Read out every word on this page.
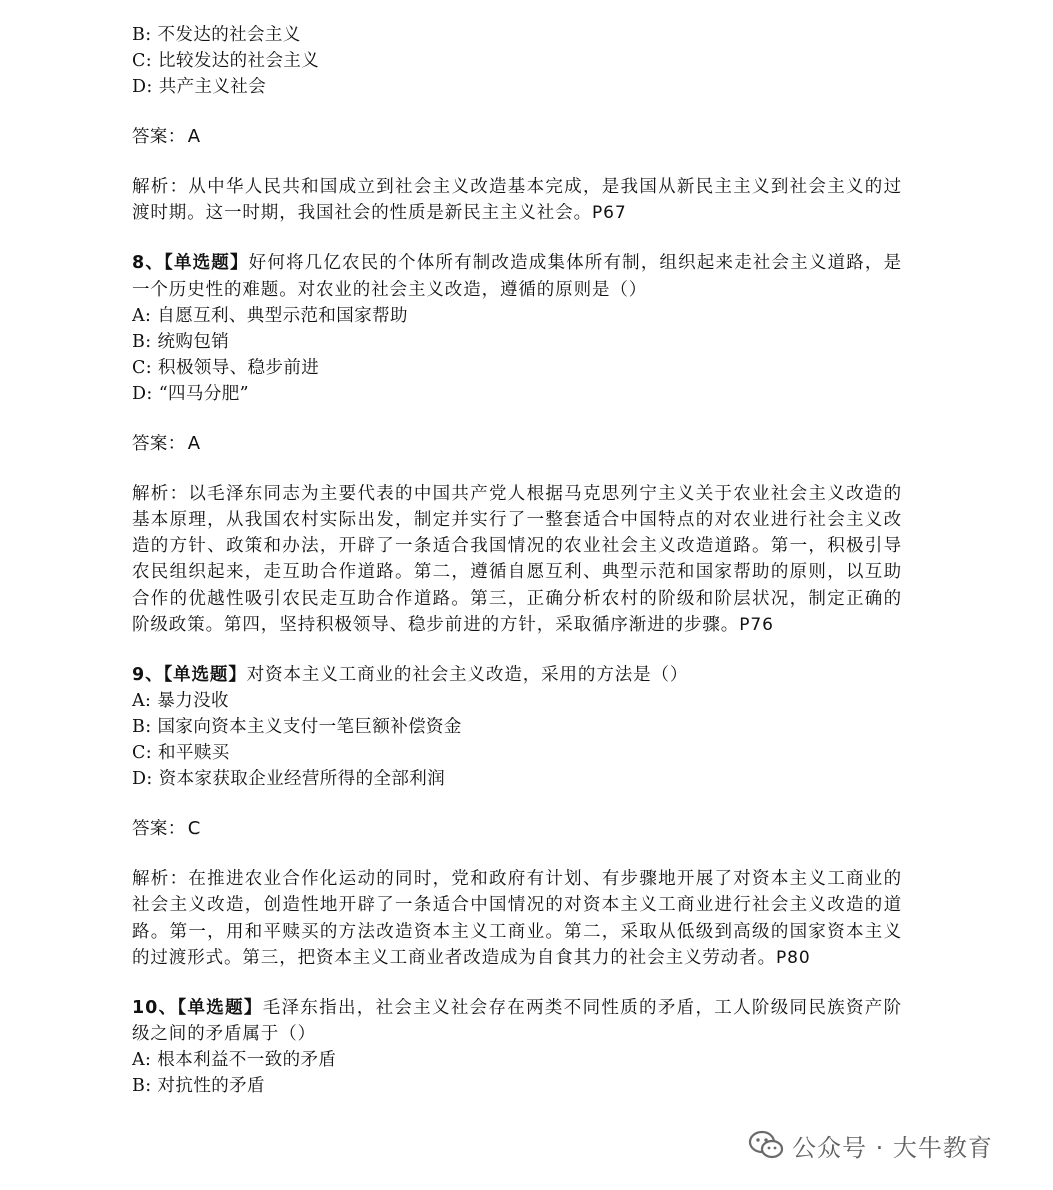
B: 不发达的社会主义
C: 比较发达的社会主义
D: 共产主义社会
答案： A
解析：从中华人民共和国成立到社会主义改造基本完成，是我国从新民主主义到社会主义的过渡时期。这一时期，我国社会的性质是新民主主义社会。P67
8、【单选题】好何将几亿农民的个体所有制改造成集体所有制，组织起来走社会主义道路，是一个历史性的难题。对农业的社会主义改造，遵循的原则是（）
A: 自愿互利、典型示范和国家帮助
B: 统购包销
C: 积极领导、稳步前进
D: “四马分肥”
答案： A
解析：以毛泽东同志为主要代表的中国共产党人根据马克思列宁主义关于农业社会主义改造的基本原理，从我国农村实际出发，制定并实行了一整套适合中国特点的对农业进行社会主义改造的方针、政策和办法，开辟了一条适合我国情况的农业社会主义改造道路。第一，积极引导农民组织起来，走互助合作道路。第二，遵循自愿互利、典型示范和国家帮助的原则，以互助合作的优越性吸引农民走互助合作道路。第三，正确分析农村的阶级和阶层状况，制定正确的阶级政策。第四，坚持积极领导、稳步前进的方针，采取循序渐进的步骤。P76
9、【单选题】对资本主义工商业的社会主义改造，采用的方法是（）
A: 暴力没收
B: 国家向资本主义支付一笔巨额补偿资金
C: 和平赎买
D: 资本家获取企业经营所得的全部利润
答案： C
解析：在推进农业合作化运动的同时，党和政府有计划、有步骤地开展了对资本主义工商业的社会主义改造，创造性地开辟了一条适合中国情况的对资本主义工商业进行社会主义改造的道路。第一，用和平赎买的方法改造资本主义工商业。第二，采取从低级到高级的国家资本主义的过渡形式。第三，把资本主义工商业者改造成为自食其力的社会主义劳动者。P80
10、【单选题】毛泽东指出，社会主义社会存在两类不同性质的矛盾，工人阶级同民族资产阶级之间的矛盾属于（）
A: 根本利益不一致的矛盾
B: 对抗性的矛盾
公众号 · 大牛教育
